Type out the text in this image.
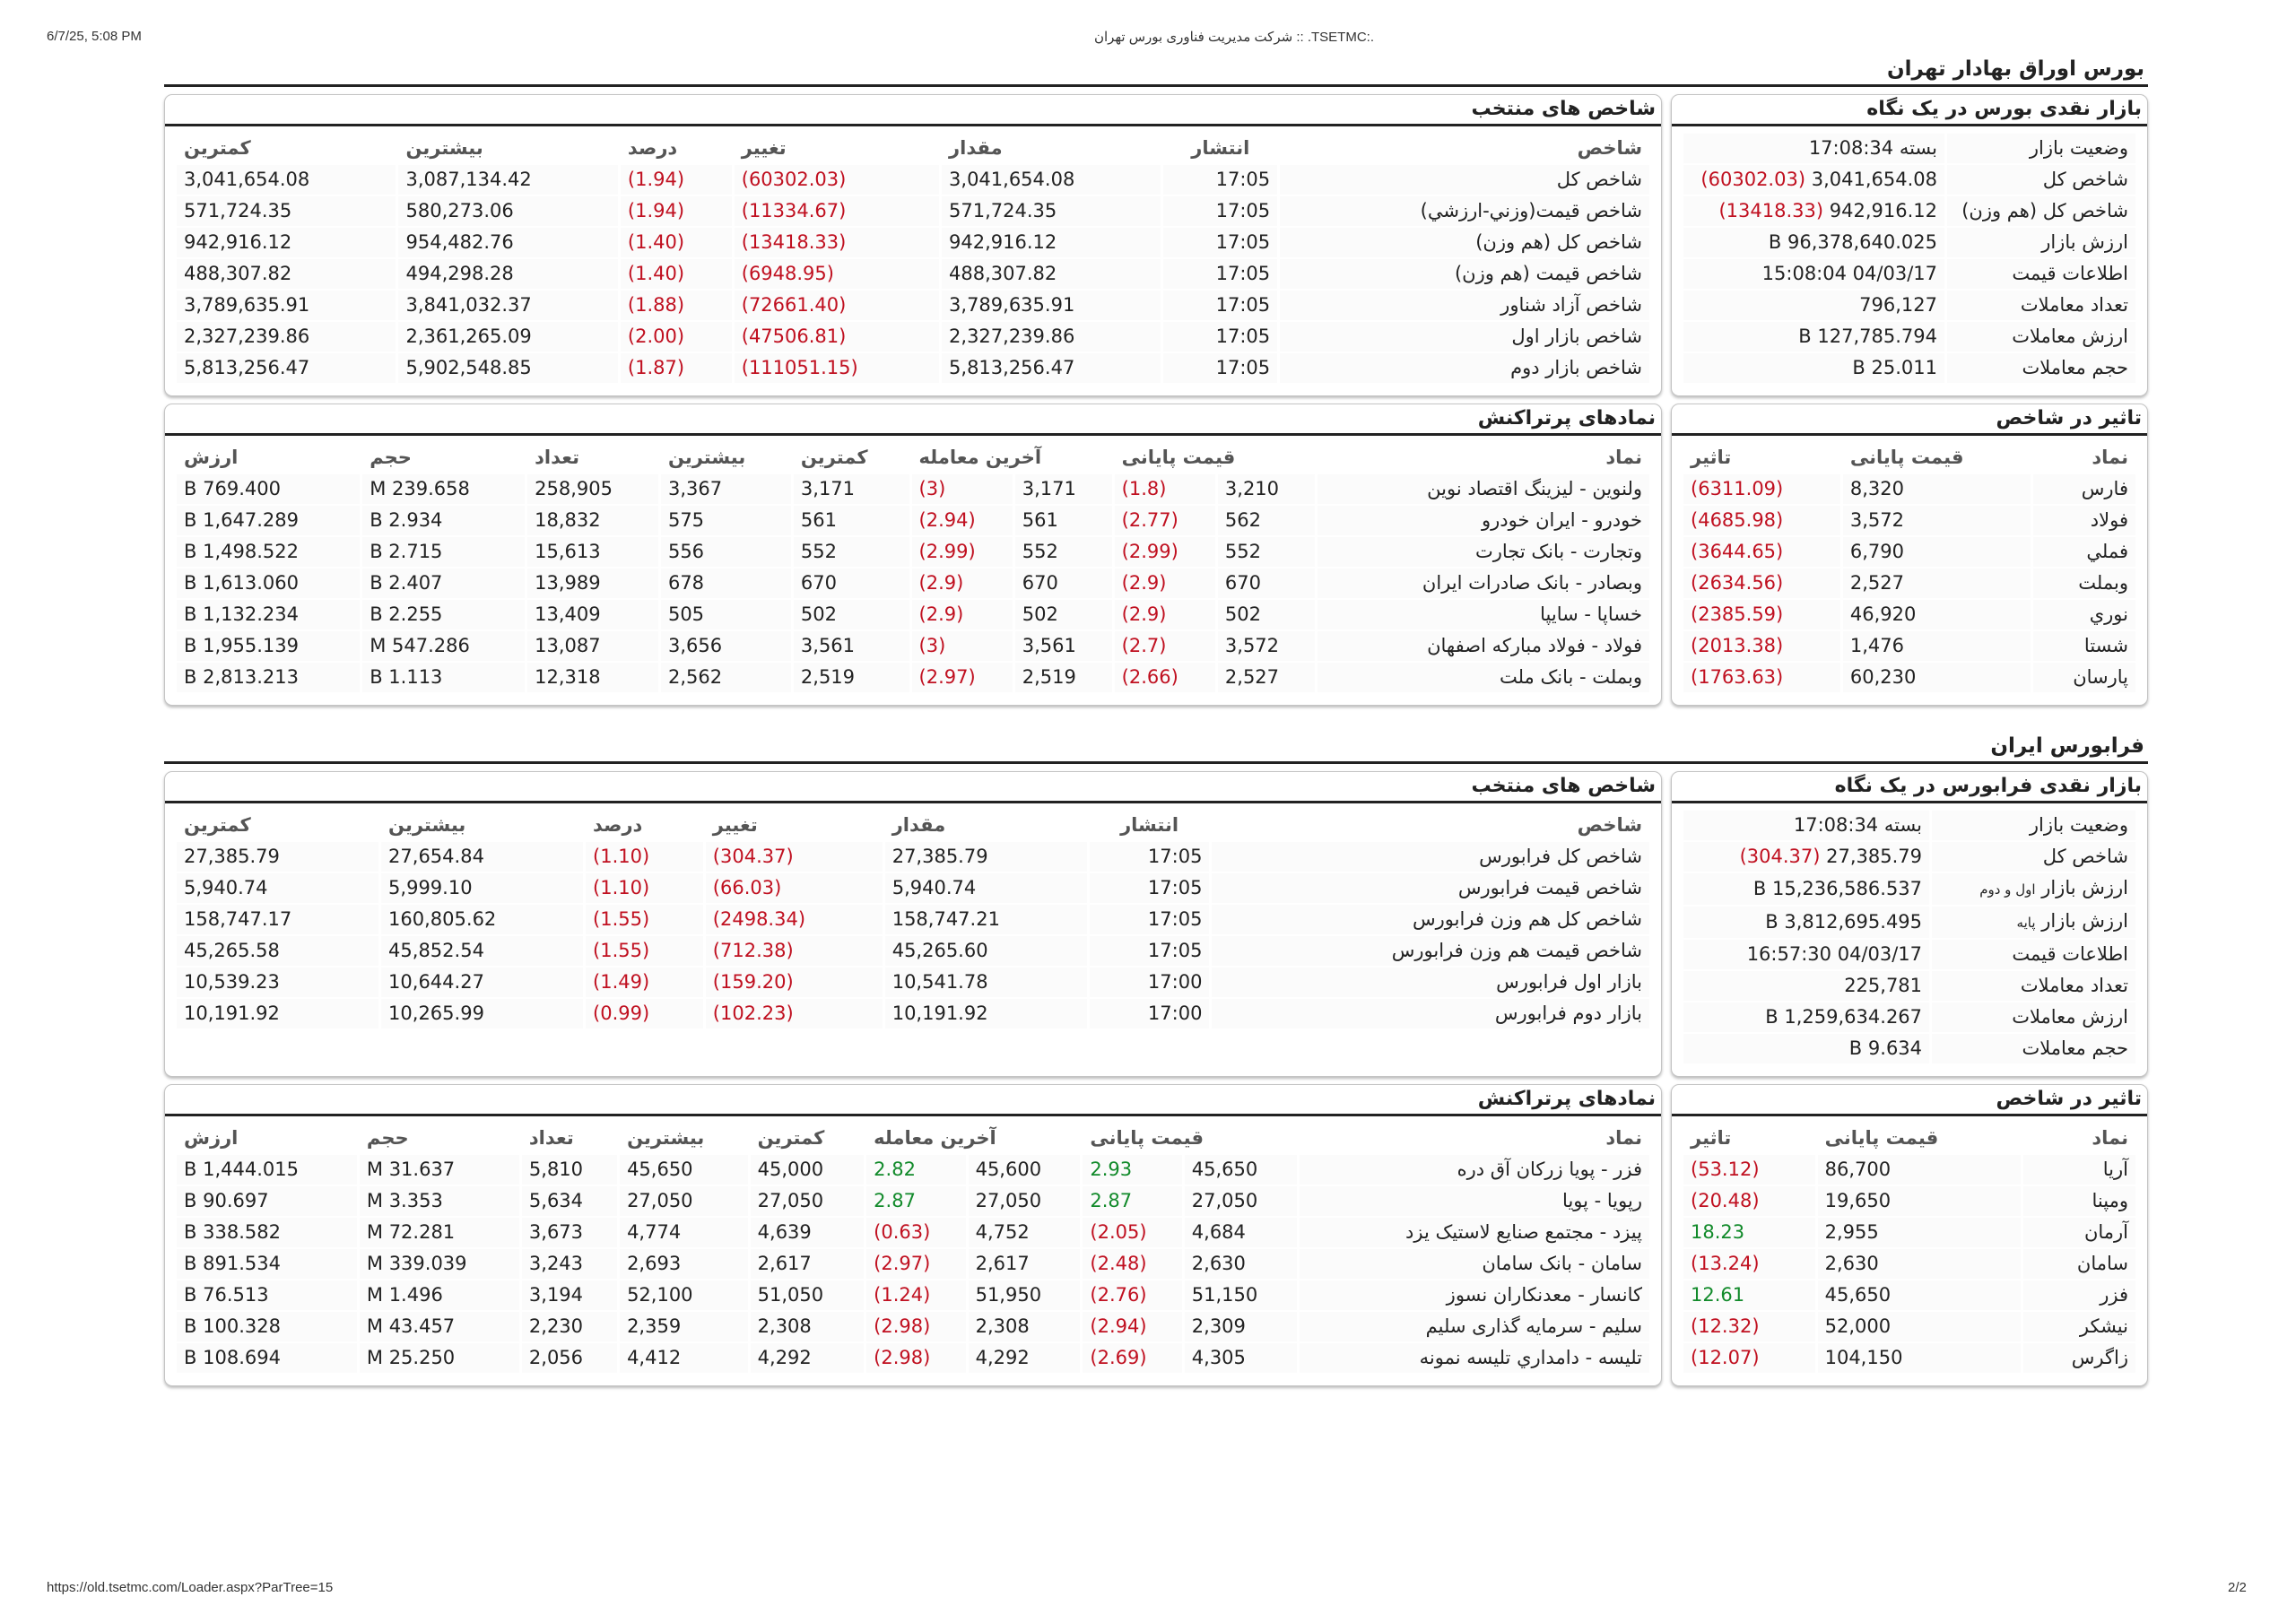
6/7/25, 5:08 PM	شرکت مدیریت فناوری بورس تهران :: .TSETMC:.
https://old.tsetmc.com/Loader.aspx?ParTree=15	2/2
بورس اوراق بهادار تهران
بازار نقدی بورس در یک نگاه
وضعیت بازار	بسته 17:08:34
شاخص کل	3,041,654.08 (60302.03)
شاخص کل (هم وزن)	942,916.12 (13418.33)
ارزش بازار	96,378,640.025 B
اطلاعات قیمت	04/03/17 15:08:04
تعداد معاملات	796,127
ارزش معاملات	127,785.794 B
حجم معاملات	25.011 B
شاخص های منتخب
شاخص	انتشار	مقدار	تغییر	درصد	بیشترین	کمترین
شاخص کل	17:05	3,041,654.08	(60302.03)	(1.94)	3,087,134.42	3,041,654.08
شاخص قیمت(وزني-ارزشي)	17:05	571,724.35	(11334.67)	(1.94)	580,273.06	571,724.35
شاخص کل (هم وزن)	17:05	942,916.12	(13418.33)	(1.40)	954,482.76	942,916.12
شاخص قیمت (هم وزن)	17:05	488,307.82	(6948.95)	(1.40)	494,298.28	488,307.82
شاخص آزاد شناور	17:05	3,789,635.91	(72661.40)	(1.88)	3,841,032.37	3,789,635.91
شاخص بازار اول	17:05	2,327,239.86	(47506.81)	(2.00)	2,361,265.09	2,327,239.86
شاخص بازار دوم	17:05	5,813,256.47	(111051.15)	(1.87)	5,902,548.85	5,813,256.47
تاثیر در شاخص
نماد	قیمت پایانی	تاثیر
فارس	8,320	(6311.09)
فولاد	3,572	(4685.98)
فملي	6,790	(3644.65)
وبملت	2,527	(2634.56)
نوري	46,920	(2385.59)
شستا	1,476	(2013.38)
پارسان	60,230	(1763.63)
نمادهای پرتراکنش
نماد	قیمت پایانی		آخرین معامله		کمترین	بیشترین	تعداد	حجم	ارزش
ولنوین - لیزینگ اقتصاد نوین	3,210	(1.8)	3,171	(3)	3,171	3,367	258,905	239.658 M	769.400 B
خودرو - ایران خودرو	562	(2.77)	561	(2.94)	561	575	18,832	2.934 B	1,647.289 B
وتجارت - بانک تجارت	552	(2.99)	552	(2.99)	552	556	15,613	2.715 B	1,498.522 B
وبصادر - بانک صادرات ایران	670	(2.9)	670	(2.9)	670	678	13,989	2.407 B	1,613.060 B
خساپا - سایپا	502	(2.9)	502	(2.9)	502	505	13,409	2.255 B	1,132.234 B
فولاد - فولاد مبارکه اصفهان	3,572	(2.7)	3,561	(3)	3,561	3,656	13,087	547.286 M	1,955.139 B
وبملت - بانک ملت	2,527	(2.66)	2,519	(2.97)	2,519	2,562	12,318	1.113 B	2,813.213 B
فرابورس ایران
بازار نقدی فرابورس در یک نگاه
وضعیت بازار	بسته 17:08:34
شاخص کل	27,385.79 (304.37)
ارزش بازار اول و دوم	15,236,586.537 B
ارزش بازار پایه	3,812,695.495 B
اطلاعات قیمت	04/03/17 16:57:30
تعداد معاملات	225,781
ارزش معاملات	1,259,634.267 B
حجم معاملات	9.634 B
شاخص های منتخب
شاخص	انتشار	مقدار	تغییر	درصد	بیشترین	کمترین
شاخص کل فرابورس	17:05	27,385.79	(304.37)	(1.10)	27,654.84	27,385.79
شاخص قیمت فرابورس	17:05	5,940.74	(66.03)	(1.10)	5,999.10	5,940.74
شاخص کل هم وزن فرابورس	17:05	158,747.21	(2498.34)	(1.55)	160,805.62	158,747.17
شاخص قیمت هم وزن فرابورس	17:05	45,265.60	(712.38)	(1.55)	45,852.54	45,265.58
بازار اول فرابورس	17:00	10,541.78	(159.20)	(1.49)	10,644.27	10,539.23
بازار دوم فرابورس	17:00	10,191.92	(102.23)	(0.99)	10,265.99	10,191.92
تاثیر در شاخص
نماد	قیمت پایانی	تاثیر
آريا	86,700	(53.12)
ومپنا	19,650	(20.48)
آرمان	2,955	18.23
سامان	2,630	(13.24)
فزر	45,650	12.61
نيشكر	52,000	(12.32)
زاگرس	104,150	(12.07)
نمادهای پرتراکنش
نماد	قیمت پایانی		آخرین معامله		کمترین	بیشترین	تعداد	حجم	ارزش
فزر - پویا زرکان آق دره	45,650	2.93	45,600	2.82	45,000	45,650	5,810	31.637 M	1,444.015 B
رپویا - پویا	27,050	2.87	27,050	2.87	27,050	27,050	5,634	3.353 M	90.697 B
پیزد - مجتمع صنایع لاستیک یزد	4,684	(2.05)	4,752	(0.63)	4,639	4,774	3,673	72.281 M	338.582 B
سامان - بانک سامان	2,630	(2.48)	2,617	(2.97)	2,617	2,693	3,243	339.039 M	891.534 B
کانسار - معدنکاران نسوز	51,150	(2.76)	51,950	(1.24)	51,050	52,100	3,194	1.496 M	76.513 B
سلیم - سرمایه گذاری سلیم	2,309	(2.94)	2,308	(2.98)	2,308	2,359	2,230	43.457 M	100.328 B
تلیسه - دامداري تليسه نمونه	4,305	(2.69)	4,292	(2.98)	4,292	4,412	2,056	25.250 M	108.694 B
